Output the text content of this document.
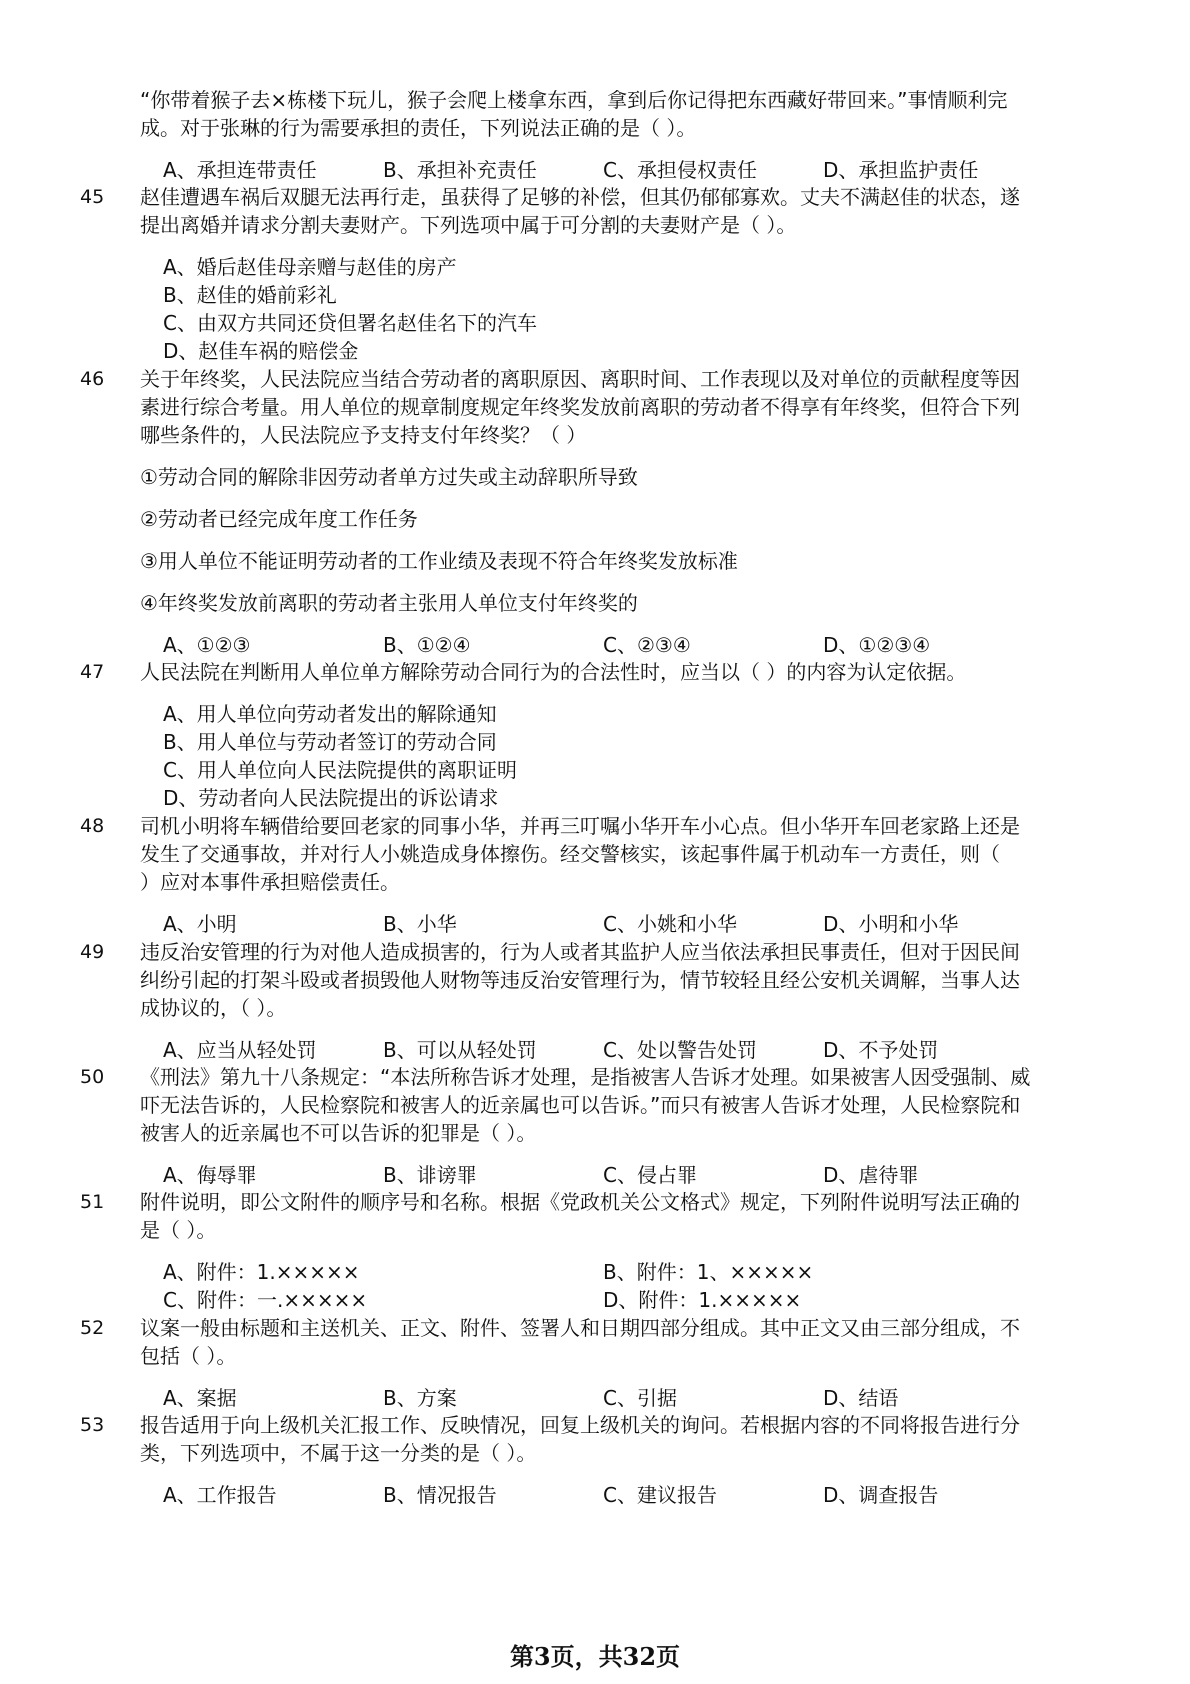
“你带着猴子去×栋楼下玩儿，猴子会爬上楼拿东西，拿到后你记得把东西藏好带回来。”事情顺利完
成。对于张琳的行为需要承担的责任，下列说法正确的是（ ）。
A、承担连带责任	B、承担补充责任	C、承担侵权责任	D、承担监护责任
45	赵佳遭遇车祸后双腿无法再行走，虽获得了足够的补偿，但其仍郁郁寡欢。丈夫不满赵佳的状态，遂
提出离婚并请求分割夫妻财产。下列选项中属于可分割的夫妻财产是（ ）。
A、婚后赵佳母亲赠与赵佳的房产
B、赵佳的婚前彩礼
C、由双方共同还贷但署名赵佳名下的汽车
D、赵佳车祸的赔偿金
46	关于年终奖，人民法院应当结合劳动者的离职原因、离职时间、工作表现以及对单位的贡献程度等因
素进行综合考量。用人单位的规章制度规定年终奖发放前离职的劳动者不得享有年终奖，但符合下列
哪些条件的，人民法院应予支持支付年终奖？（ ）
①劳动合同的解除非因劳动者单方过失或主动辞职所导致
②劳动者已经完成年度工作任务
③用人单位不能证明劳动者的工作业绩及表现不符合年终奖发放标准
④年终奖发放前离职的劳动者主张用人单位支付年终奖的
A、①②③	B、①②④	C、②③④	D、①②③④
47	人民法院在判断用人单位单方解除劳动合同行为的合法性时，应当以（ ）的内容为认定依据。
A、用人单位向劳动者发出的解除通知
B、用人单位与劳动者签订的劳动合同
C、用人单位向人民法院提供的离职证明
D、劳动者向人民法院提出的诉讼请求
48	司机小明将车辆借给要回老家的同事小华，并再三叮嘱小华开车小心点。但小华开车回老家路上还是
发生了交通事故，并对行人小姚造成身体擦伤。经交警核实，该起事件属于机动车一方责任，则（
）应对本事件承担赔偿责任。
A、小明	B、小华	C、小姚和小华	D、小明和小华
49	违反治安管理的行为对他人造成损害的，行为人或者其监护人应当依法承担民事责任，但对于因民间
纠纷引起的打架斗殴或者损毁他人财物等违反治安管理行为，情节较轻且经公安机关调解，当事人达
成协议的，（ ）。
A、应当从轻处罚	B、可以从轻处罚	C、处以警告处罚	D、不予处罚
50	《刑法》第九十八条规定：“本法所称告诉才处理，是指被害人告诉才处理。如果被害人因受强制、威
吓无法告诉的，人民检察院和被害人的近亲属也可以告诉。”而只有被害人告诉才处理，人民检察院和
被害人的近亲属也不可以告诉的犯罪是（ ）。
A、侮辱罪	B、诽谤罪	C、侵占罪	D、虐待罪
51	附件说明，即公文附件的顺序号和名称。根据《党政机关公文格式》规定，下列附件说明写法正确的
是（ ）。
A、附件：1.×××××	B、附件：1、×××××
C、附件：一.×××××	D、附件：1.×××××
52	议案一般由标题和主送机关、正文、附件、签署人和日期四部分组成。其中正文又由三部分组成，不
包括（ ）。
A、案据	B、方案	C、引据	D、结语
53	报告适用于向上级机关汇报工作、反映情况，回复上级机关的询问。若根据内容的不同将报告进行分
类，下列选项中，不属于这一分类的是（ ）。
A、工作报告	B、情况报告	C、建议报告	D、调查报告
第3页，共32页
